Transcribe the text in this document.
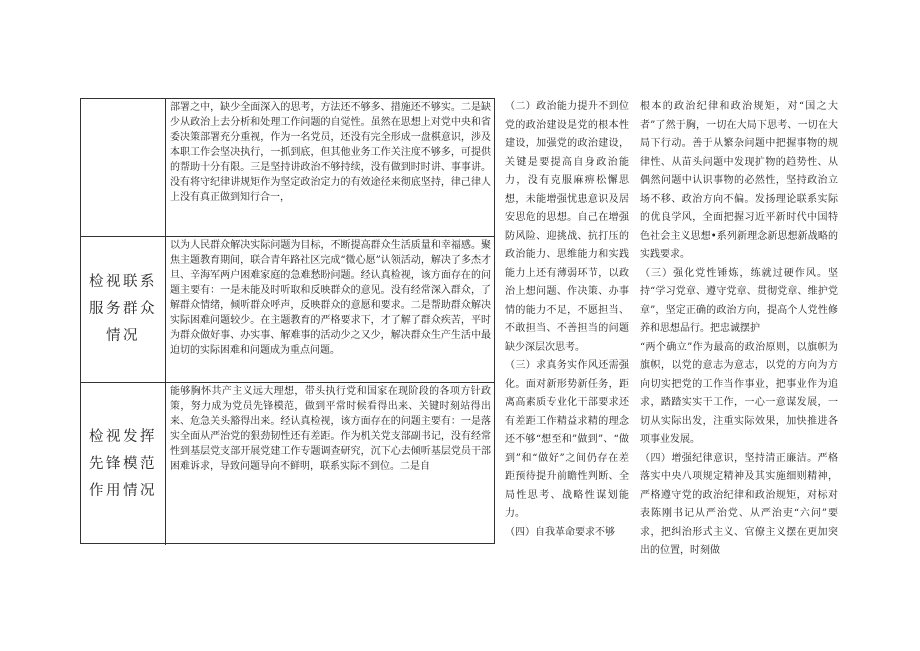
部署之中，缺少全面深入的思考，方法还不够多、措施还不够实。二是缺少从政治上去分析和处理工作问题的自觉性。虽然在思想上对党中央和省委决策部署充分重视，作为一名党员，还没有完全形成一盘棋意识，涉及本职工作会坚决执行，一抓到底，但其他业务工作关注度不够多，可提供的帮助十分有限。三是坚持讲政治不够持续，没有做到时时讲、事事讲。没有将守纪律讲规矩作为坚定政治定力的有效途径来彻底坚持，律己律人上没有真正做到知行合一，
检视联系服务群众情况
以为人民群众解决实际问题为目标，不断提高群众生活质量和幸福感。聚焦主题教育期间，联合青年路社区完成“微心愿”认领活动，解决了多杰才旦、辛海军两户困难家庭的急难愁盼问题。经认真检视，该方面存在的问题主要有：一是未能及时听取和反映群众的意见。没有经常深入群众，了解群众情绪，倾听群众呼声，反映群众的意愿和要求。二是帮助群众解决实际困难问题较少。在主题教育的严格要求下，才了解了群众疾苦，平时为群众做好事、办实事、解难事的活动少之又少，解决群众生产生活中最迫切的实际困难和问题成为重点问题。
检视发挥先锋模范作用情况
能够胸怀共产主义远大理想，带头执行党和国家在现阶段的各项方针政策，努力成为党员先锋模范，做到平常时候看得出来、关键时刻站得出来、危急关头豁得出来。经认真检视，该方面存在的问题主要有：一是落实全面从严治党的狠劲韧性还有差距。作为机关党支部副书记，没有经常性到基层党支部开展党建工作专题调查研究，沉下心去倾听基层党员干部困难诉求，导致问题导向不鲜明，联系实际不到位。二是自

（二）政治能力提升不到位党的政治建设是党的根本性建设，加强党的政治建设，关键是要提高自身政治能力，没有克服麻痹松懈思想，未能增强忧患意识及居安思危的思想。自己在增强防风险、迎挑战、抗打压的政治能力、思维能力和实践能力上还有薄弱环节，以政治上想问题、作决策、办事情的能力不足，不愿担当、不敢担当、不善担当的问题缺少深层次思考。

（三）求真务实作风还需强化。面对新形势新任务，距离高素质专业化干部要求还有差距工作精益求精的理念还不够“想至和”做到”、“做到”和“做好”之间仍存在差距预待提升前瞻性判断、全局性思考、战略性谋划能力。

（四）自我革命要求不够

根本的政治纪律和政治规矩，对“国之大者”了然于胸，一切在大局下思考、一切在大局下行动。善于从繁杂问题中把握事物的规律性、从苗头问题中发现扩物的趋势性、从偶然问题中认识事物的必然性，坚持政治立场不移、政治方向不偏。发扬理论联系实际的优良学风，全面把握习近平新时代中国特色社会主义思想•系列新理念新思想新战略的实践要求。

（三）强化党性锤炼，练就过硬作风。坚持“学习党章、遵守党章、贯彻党章、维护党章”，坚定正确的政治方向，提高个人党性修养和思想品行。把忠诚摆护

“两个确立”作为最高的政治原则，以旗帜为旗帜，以党的意志为意志，以党的方向为方向切实把党的工作当作事业，把事业作为追求，踏踏实实干工作，一心一意谋发展，一切从实际出发，注重实际效果，加快推进各项事业发展。

（四）增强纪律意识，坚持清正廉洁。严格落实中央八项规定精神及其实施细则精神，严格遵守党的政治纪律和政治规矩，对标对表陈刚书记从严治党、从严治吏“六问”要求，把纠治形式主义、官僚主义摆在更加突出的位置，时刻做
